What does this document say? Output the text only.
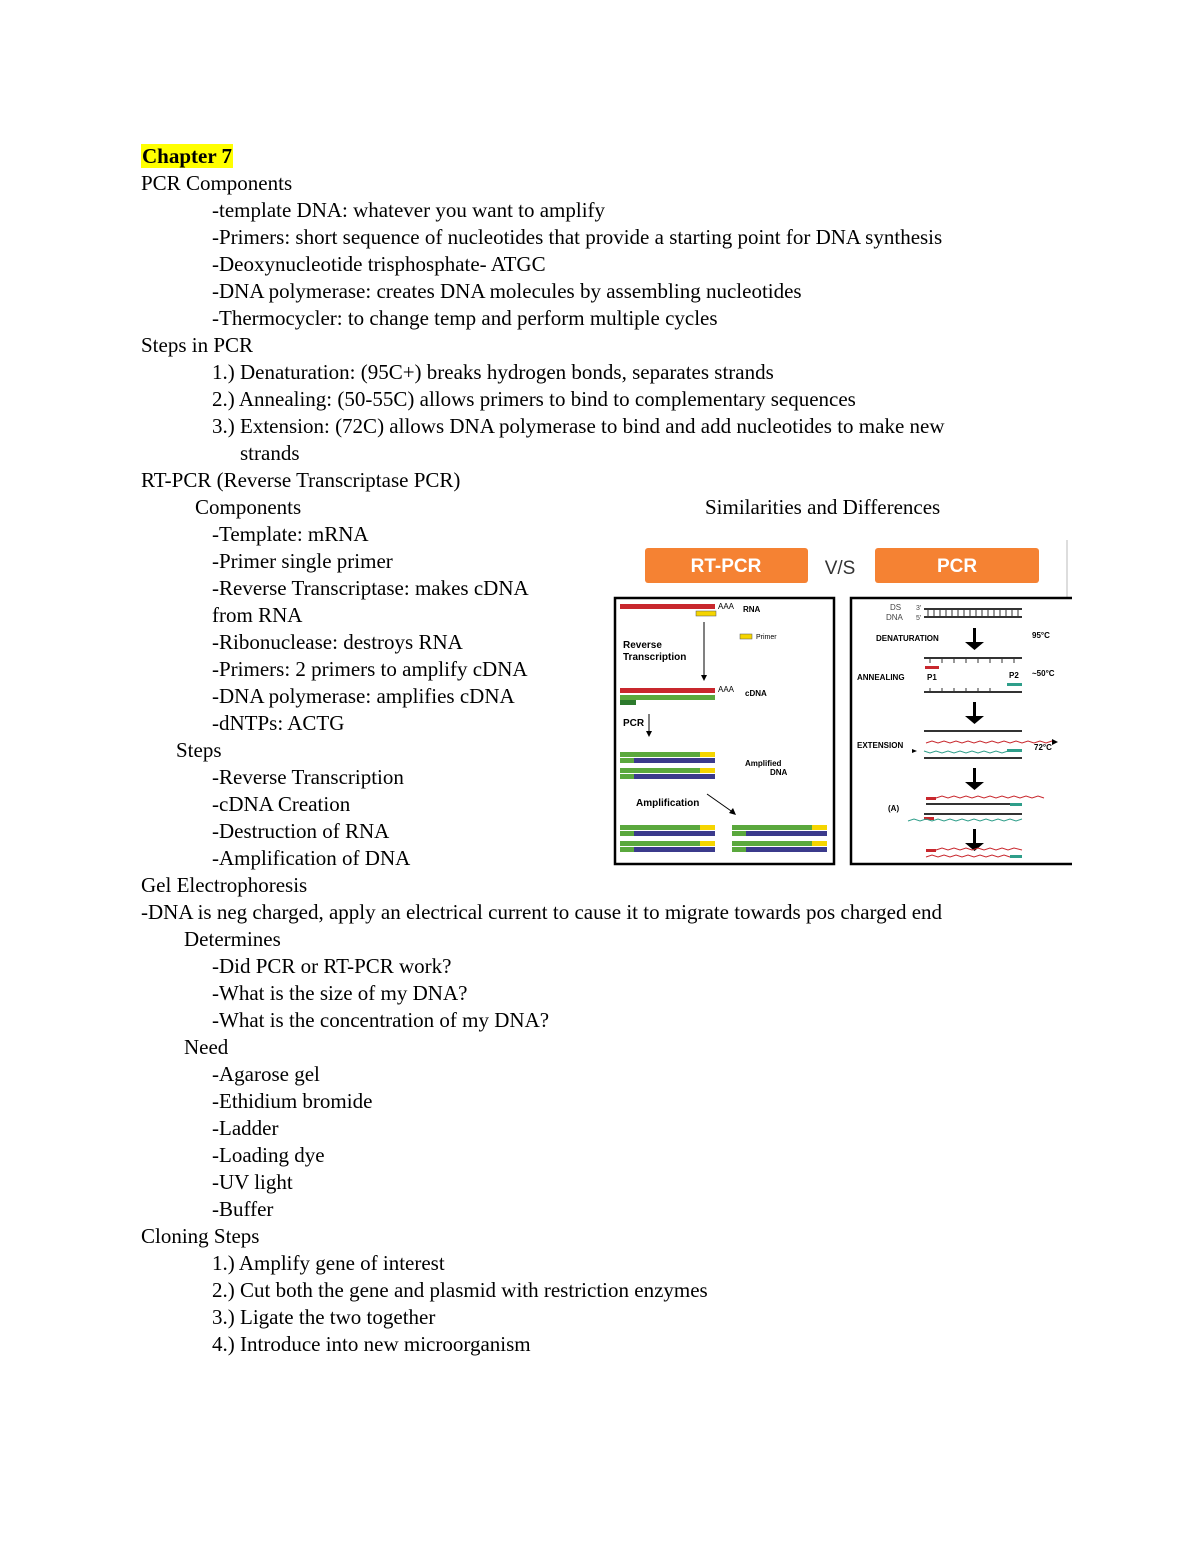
Chapter 7
PCR Components
-template DNA: whatever you want to amplify
-Primers: short sequence of nucleotides that provide a starting point for DNA synthesis
-Deoxynucleotide trisphosphate- ATGC
-DNA polymerase: creates DNA molecules by assembling nucleotides
-Thermocycler: to change temp and perform multiple cycles
Steps in PCR
1.) Denaturation: (95C+) breaks hydrogen bonds, separates strands
2.) Annealing: (50-55C) allows primers to bind to complementary sequences
3.) Extension: (72C) allows DNA polymerase to bind and add nucleotides to make new
strands
RT-PCR (Reverse Transcriptase PCR)
Components
-Template: mRNA
-Primer single primer
-Reverse Transcriptase: makes cDNA
from RNA
-Ribonuclease: destroys RNA
-Primers: 2 primers to amplify cDNA
-DNA polymerase: amplifies cDNA
-dNTPs: ACTG
Steps
-Reverse Transcription
-cDNA Creation
-Destruction of RNA
-Amplification of DNA
Similarities and Differences
RT-PCR	V/S	PCR
AAA RNA
Primer
Reverse
Transcription
AAA cDNA
PCR
Amplified
DNA
Amplification
DS
DNA
3'
5'
DENATURATION	95°C
ANNEALING	P1	P2 ~50°C
EXTENSION	72°C
(A)
Gel Electrophoresis
-DNA is neg charged, apply an electrical current to cause it to migrate towards pos charged end
Determines
-Did PCR or RT-PCR work?
-What is the size of my DNA?
-What is the concentration of my DNA?
Need
-Agarose gel
-Ethidium bromide
-Ladder
-Loading dye
-UV light
-Buffer
Cloning Steps
1.) Amplify gene of interest
2.) Cut both the gene and plasmid with restriction enzymes
3.) Ligate the two together
4.) Introduce into new microorganism
